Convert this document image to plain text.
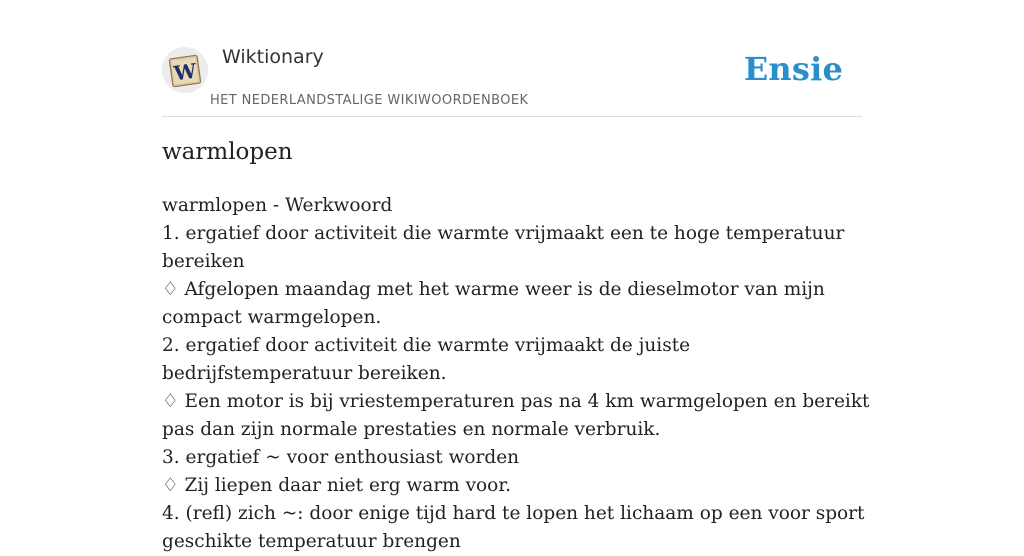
W
Wiktionary
HET NEDERLANDSTALIGE WIKIWOORDENBOEK
Ensie
warmlopen

warmlopen - Werkwoord

1. ergatief door activiteit die warmte vrijmaakt een te hoge temperatuur bereiken

♢ Afgelopen maandag met het warme weer is de dieselmotor van mijn compact warmgelopen.

2. ergatief door activiteit die warmte vrijmaakt de juiste bedrijfstemperatuur bereiken.

♢ Een motor is bij vriestemperaturen pas na 4 km warmgelopen en bereikt pas dan zijn normale prestaties en normale verbruik.

3. ergatief ~ voor enthousiast worden

♢ Zij liepen daar niet erg warm voor.

4. (refl) zich ~: door enige tijd hard te lopen het lichaam op een voor sport geschikte temperatuur brengen
